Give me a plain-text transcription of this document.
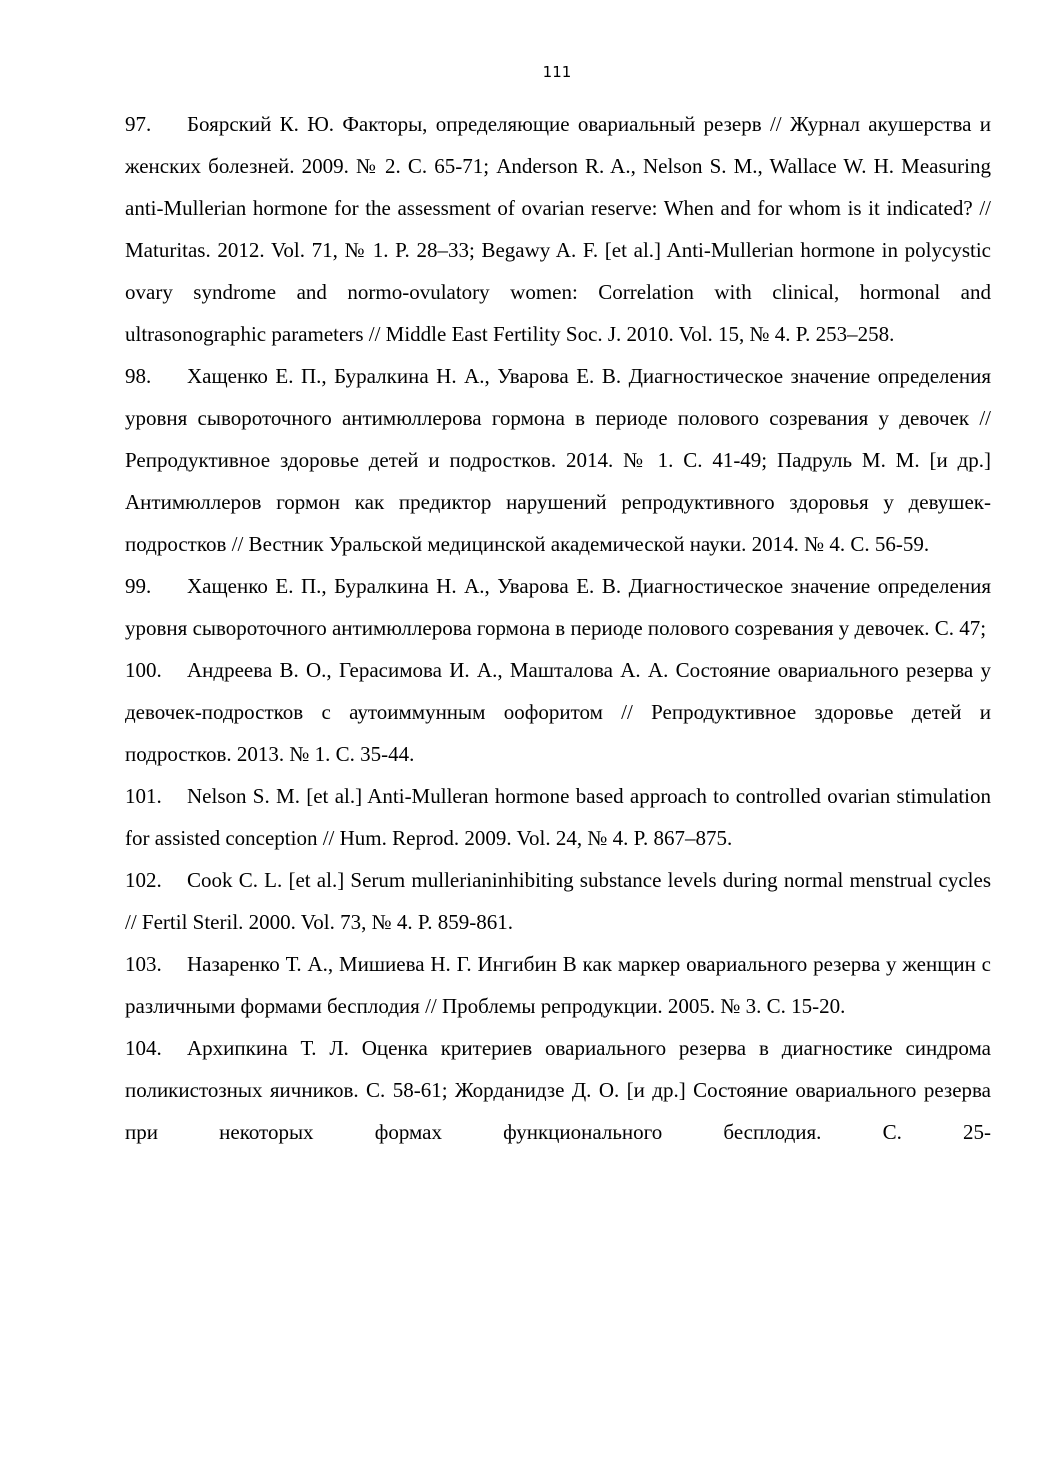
111

97. Боярский К. Ю. Факторы, определяющие овариальный резерв // Журнал акушерства и женских болезней. 2009. № 2. С. 65-71; Anderson R. A., Nelson S. M., Wallace W. H. Measuring anti-Mullerian hormone for the assessment of ovarian reserve: When and for whom is it indicated? // Maturitas. 2012. Vol. 71, № 1. P. 28–33; Begawy A. F. [et al.] Anti-Mullerian hormone in polycystic ovary syndrome and normo-ovulatory women: Correlation with clinical, hormonal and ultrasonographic parameters // Middle East Fertility Soc. J. 2010. Vol. 15, № 4. P. 253–258.

98. Хащенко Е. П., Буралкина Н. А., Уварова Е. В. Диагностическое значение определения уровня сывороточного антимюллерова гормона в периоде полового созревания у девочек // Репродуктивное здоровье детей и подростков. 2014. № 1. С. 41-49; Падруль М. М. [и др.] Антимюллеров гормон как предиктор нарушений репродуктивного здоровья у девушек-подростков // Вестник Уральской медицинской академической науки. 2014. № 4. С. 56-59.

99. Хащенко Е. П., Буралкина Н. А., Уварова Е. В. Диагностическое значение определения уровня сывороточного антимюллерова гормона в периоде полового созревания у девочек. С. 47;

100. Андреева В. О., Герасимова И. А., Машталова А. А. Состояние овариального резерва у девочек-подростков с аутоиммунным оофоритом // Репродуктивное здоровье детей и подростков. 2013. № 1. С. 35-44.

101. Nelson S. M. [et al.] Anti-Mulleran hormone based approach to controlled ovarian stimulation for assisted conception // Hum. Reprod. 2009. Vol. 24, № 4. P. 867–875.

102. Cook C. L. [et al.] Serum mullerianinhibiting substance levels during normal menstrual cycles // Fertil Steril. 2000. Vol. 73, № 4. P. 859-861.

103. Назаренко Т. А., Мишиева Н. Г. Ингибин В как маркер овариального резерва у женщин с различными формами бесплодия // Проблемы репродукции. 2005. № 3. С. 15-20.

104. Архипкина Т. Л. Оценка критериев овариального резерва в диагностике синдрома поликистозных яичников. С. 58-61; Жорданидзе Д. О. [и др.] Состояние овариального резерва при некоторых формах функционального бесплодия. С. 25-
